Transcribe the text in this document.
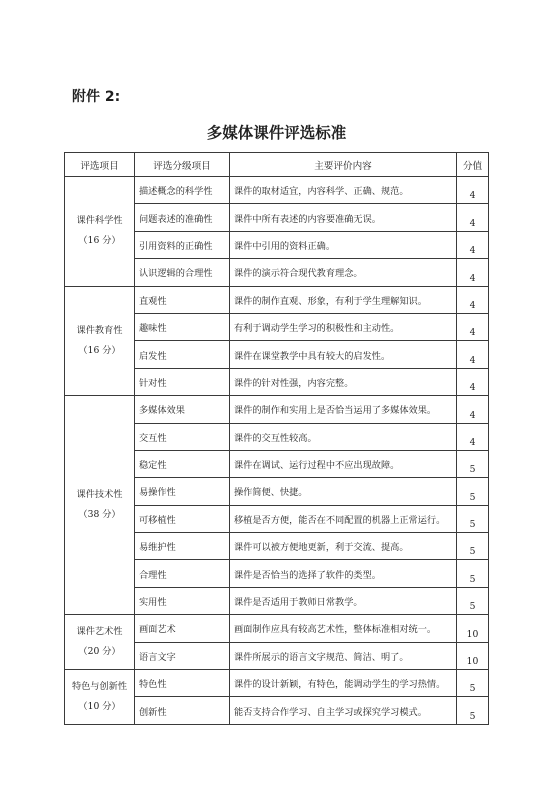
附件 2:
多媒体课件评选标准
评选项目	评选分级项目	主要评价内容	分值
课件科学性
（16 分）	描述概念的科学性	课件的取材适宜，内容科学、正确、规范。	4
	问题表述的准确性	课件中所有表述的内容要准确无误。	4
	引用资料的正确性	课件中引用的资料正确。	4
	认识逻辑的合理性	课件的演示符合现代教育理念。	4
课件教育性
（16 分）	直观性	课件的制作直观、形象，有利于学生理解知识。	4
	趣味性	有利于调动学生学习的积极性和主动性。	4
	启发性	课件在课堂教学中具有较大的启发性。	4
	针对性	课件的针对性强，内容完整。	4
课件技术性
（38 分）	多媒体效果	课件的制作和实用上是否恰当运用了多媒体效果。	4
	交互性	课件的交互性较高。	4
	稳定性	课件在调试、运行过程中不应出现故障。	5
	易操作性	操作简便、快捷。	5
	可移植性	移植是否方便，能否在不同配置的机器上正常运行。	5
	易维护性	课件可以被方便地更新，利于交流、提高。	5
	合理性	课件是否恰当的选择了软件的类型。	5
	实用性	课件是否适用于教师日常教学。	5
课件艺术性
（20 分）	画面艺术	画面制作应具有较高艺术性，整体标准相对统一。	10
	语言文字	课件所展示的语言文字规范、简洁、明了。	10
特色与创新性
（10 分）	特色性	课件的设计新颖，有特色，能调动学生的学习热情。	5
	创新性	能否支持合作学习、自主学习或探究学习模式。	5
